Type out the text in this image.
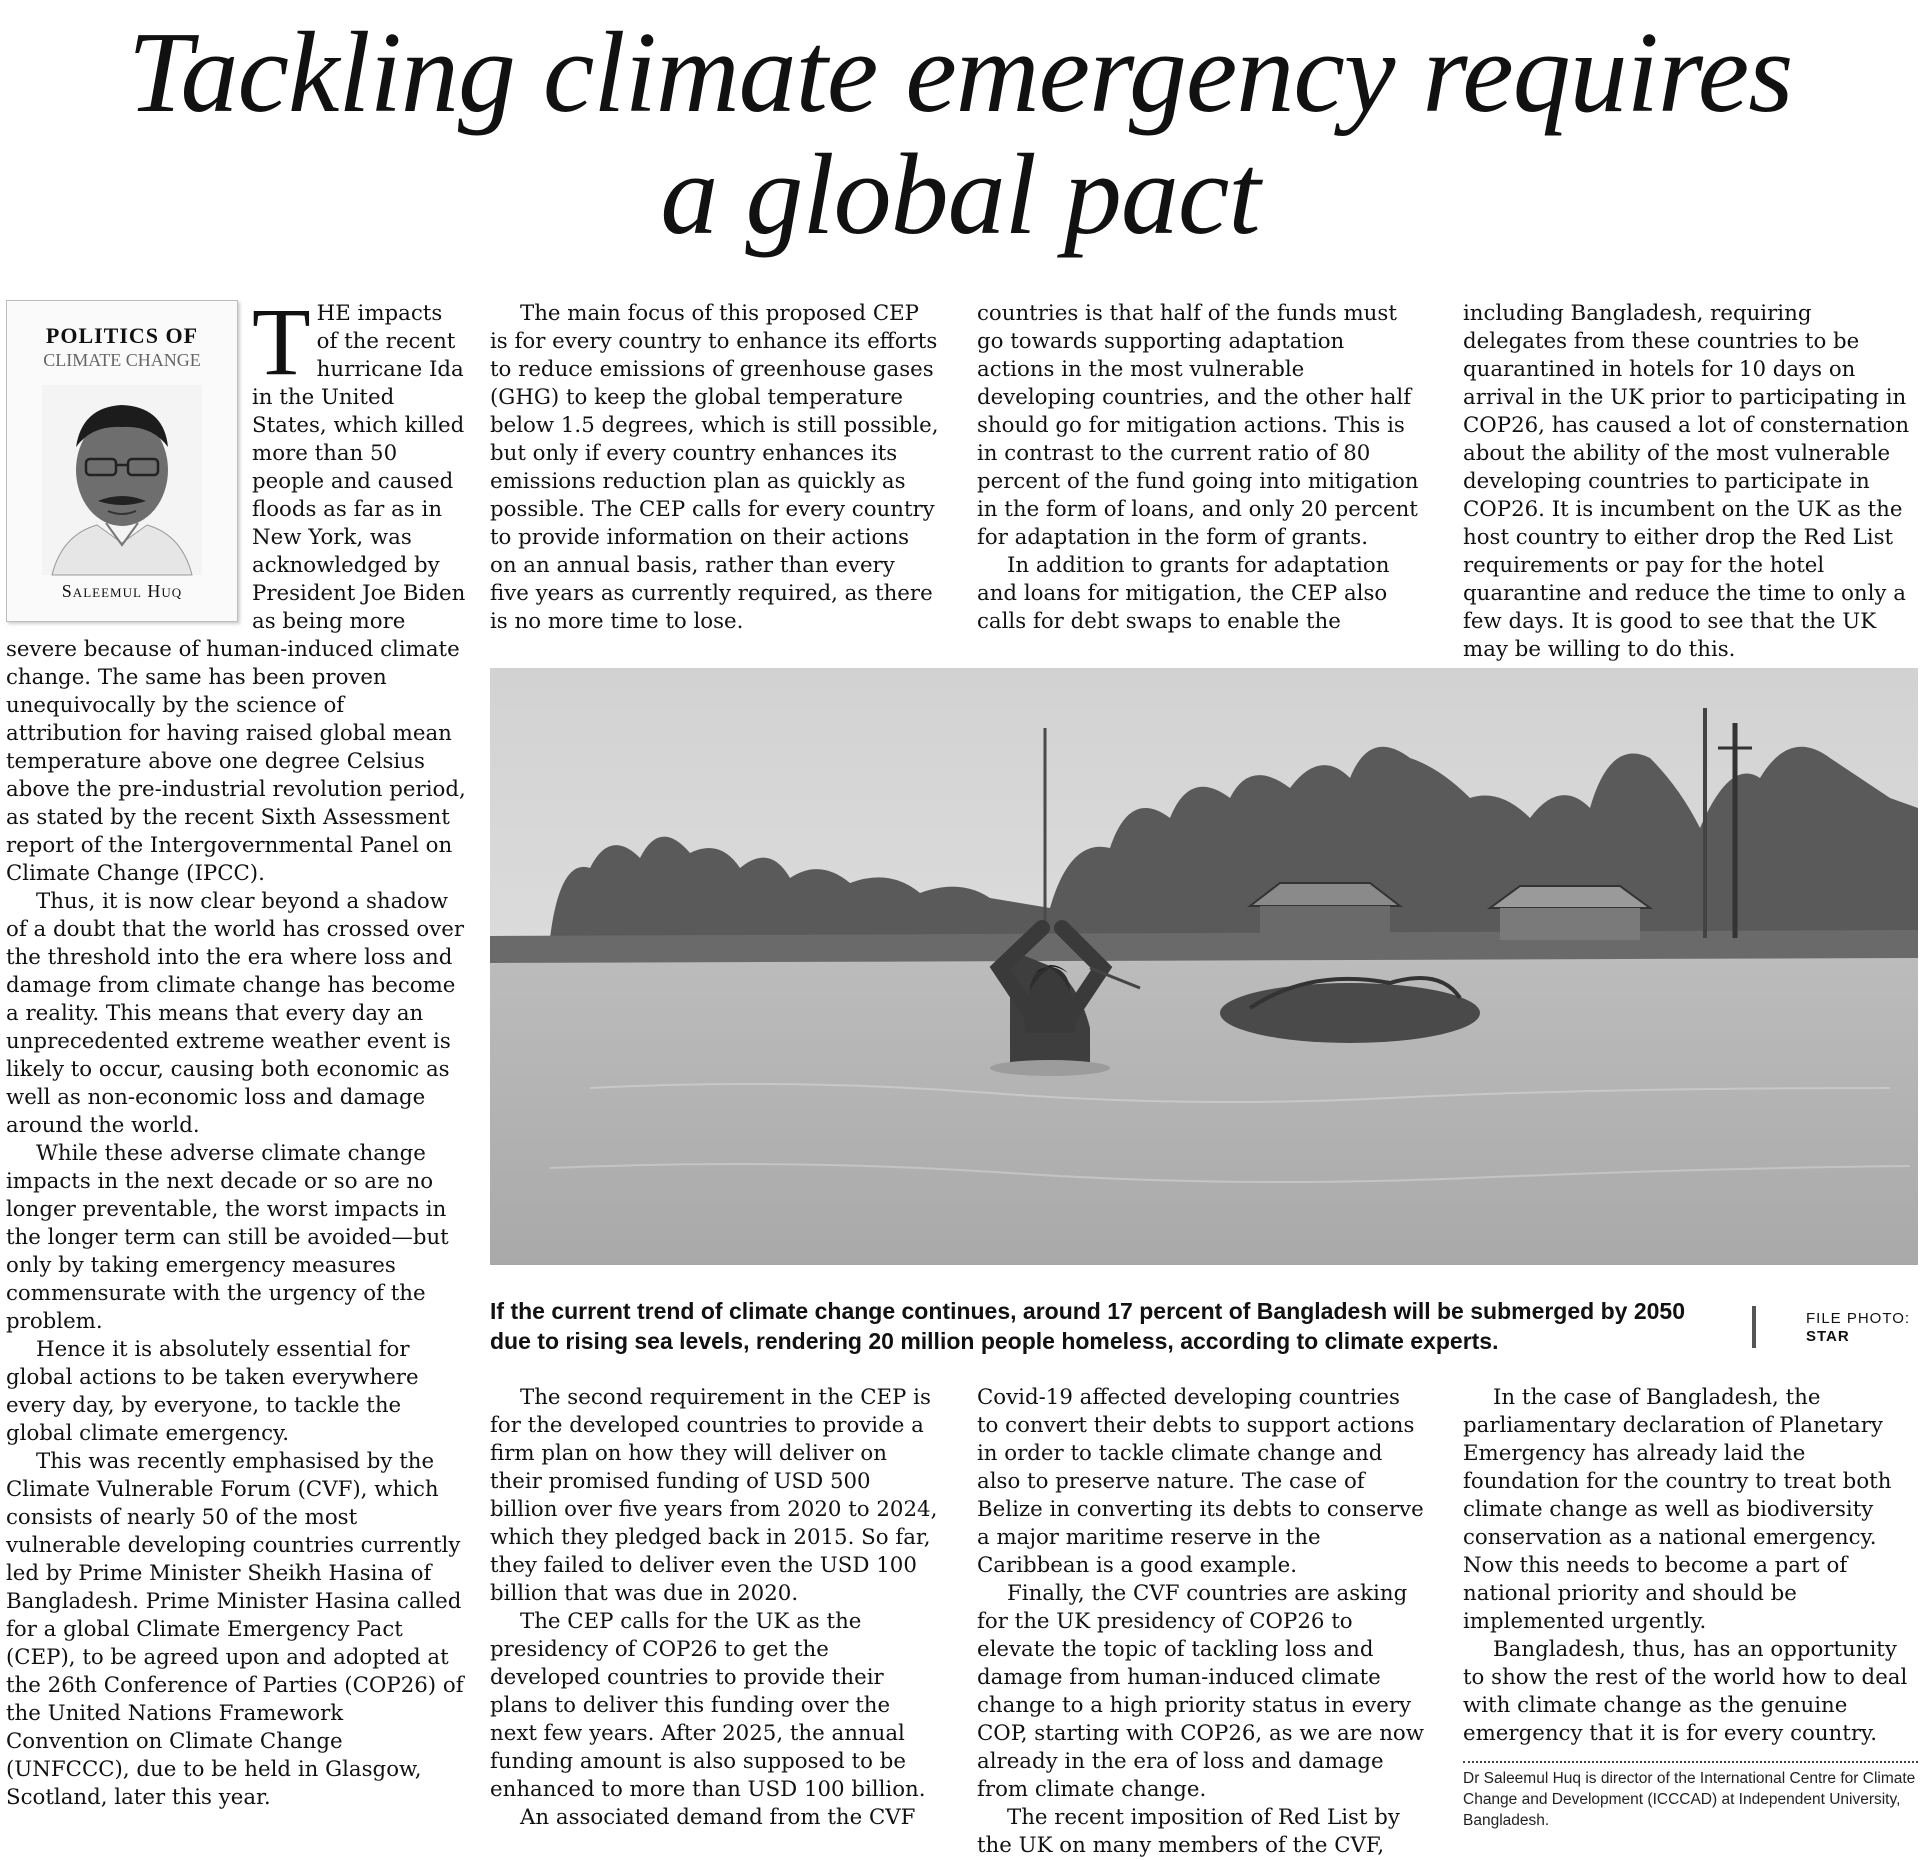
Tackling climate emergency requires
a global pact
POLITICS OF
CLIMATE CHANGE
Saleemul Huq

THE impacts of the recent hurricane Ida in the United States, which killed more than 50 people and caused floods as far as in New York, was acknowledged by President Joe Biden as being more severe because of human-induced climate change. The same has been proven unequivocally by the science of attribution for having raised global mean temperature above one degree Celsius above the pre-industrial revolution period, as stated by the recent Sixth Assessment report of the Intergovernmental Panel on Climate Change (IPCC).

Thus, it is now clear beyond a shadow of a doubt that the world has crossed over the threshold into the era where loss and damage from climate change has become a reality. This means that every day an unprecedented extreme weather event is likely to occur, causing both economic as well as non-economic loss and damage around the world.

While these adverse climate change impacts in the next decade or so are no longer preventable, the worst impacts in the longer term can still be avoided—but only by taking emergency measures commensurate with the urgency of the problem.

Hence it is absolutely essential for global actions to be taken everywhere every day, by everyone, to tackle the global climate emergency.

This was recently emphasised by the Climate Vulnerable Forum (CVF), which consists of nearly 50 of the most vulnerable developing countries currently led by Prime Minister Sheikh Hasina of Bangladesh. Prime Minister Hasina called for a global Climate Emergency Pact (CEP), to be agreed upon and adopted at the 26th Conference of Parties (COP26) of the United Nations Framework Convention on Climate Change (UNFCCC), due to be held in Glasgow, Scotland, later this year.

The main focus of this proposed CEP is for every country to enhance its efforts to reduce emissions of greenhouse gases (GHG) to keep the global temperature below 1.5 degrees, which is still possible, but only if every country enhances its emissions reduction plan as quickly as possible. The CEP calls for every country to provide information on their actions on an annual basis, rather than every five years as currently required, as there is no more time to lose.

countries is that half of the funds must go towards supporting adaptation actions in the most vulnerable developing countries, and the other half should go for mitigation actions. This is in contrast to the current ratio of 80 percent of the fund going into mitigation in the form of loans, and only 20 percent for adaptation in the form of grants.

In addition to grants for adaptation and loans for mitigation, the CEP also calls for debt swaps to enable the

including Bangladesh, requiring delegates from these countries to be quarantined in hotels for 10 days on arrival in the UK prior to participating in COP26, has caused a lot of consternation about the ability of the most vulnerable developing countries to participate in COP26. It is incumbent on the UK as the host country to either drop the Red List requirements or pay for the hotel quarantine and reduce the time to only a few days. It is good to see that the UK may be willing to do this.

If the current trend of climate change continues, around 17 percent of Bangladesh will be submerged by 2050 due to rising sea levels, rendering 20 million people homeless, according to climate experts.
FILE PHOTO:
STAR

The second requirement in the CEP is for the developed countries to provide a firm plan on how they will deliver on their promised funding of USD 500 billion over five years from 2020 to 2024, which they pledged back in 2015. So far, they failed to deliver even the USD 100 billion that was due in 2020.

The CEP calls for the UK as the presidency of COP26 to get the developed countries to provide their plans to deliver this funding over the next few years. After 2025, the annual funding amount is also supposed to be enhanced to more than USD 100 billion.

An associated demand from the CVF

Covid-19 affected developing countries to convert their debts to support actions in order to tackle climate change and also to preserve nature. The case of Belize in converting its debts to conserve a major maritime reserve in the Caribbean is a good example.

Finally, the CVF countries are asking for the UK presidency of COP26 to elevate the topic of tackling loss and damage from human-induced climate change to a high priority status in every COP, starting with COP26, as we are now already in the era of loss and damage from climate change.

The recent imposition of Red List by the UK on many members of the CVF,

In the case of Bangladesh, the parliamentary declaration of Planetary Emergency has already laid the foundation for the country to treat both climate change as well as biodiversity conservation as a national emergency. Now this needs to become a part of national priority and should be implemented urgently.

Bangladesh, thus, has an opportunity to show the rest of the world how to deal with climate change as the genuine emergency that it is for every country.

Dr Saleemul Huq is director of the International Centre for Climate Change and Development (ICCCAD) at Independent University, Bangladesh.
